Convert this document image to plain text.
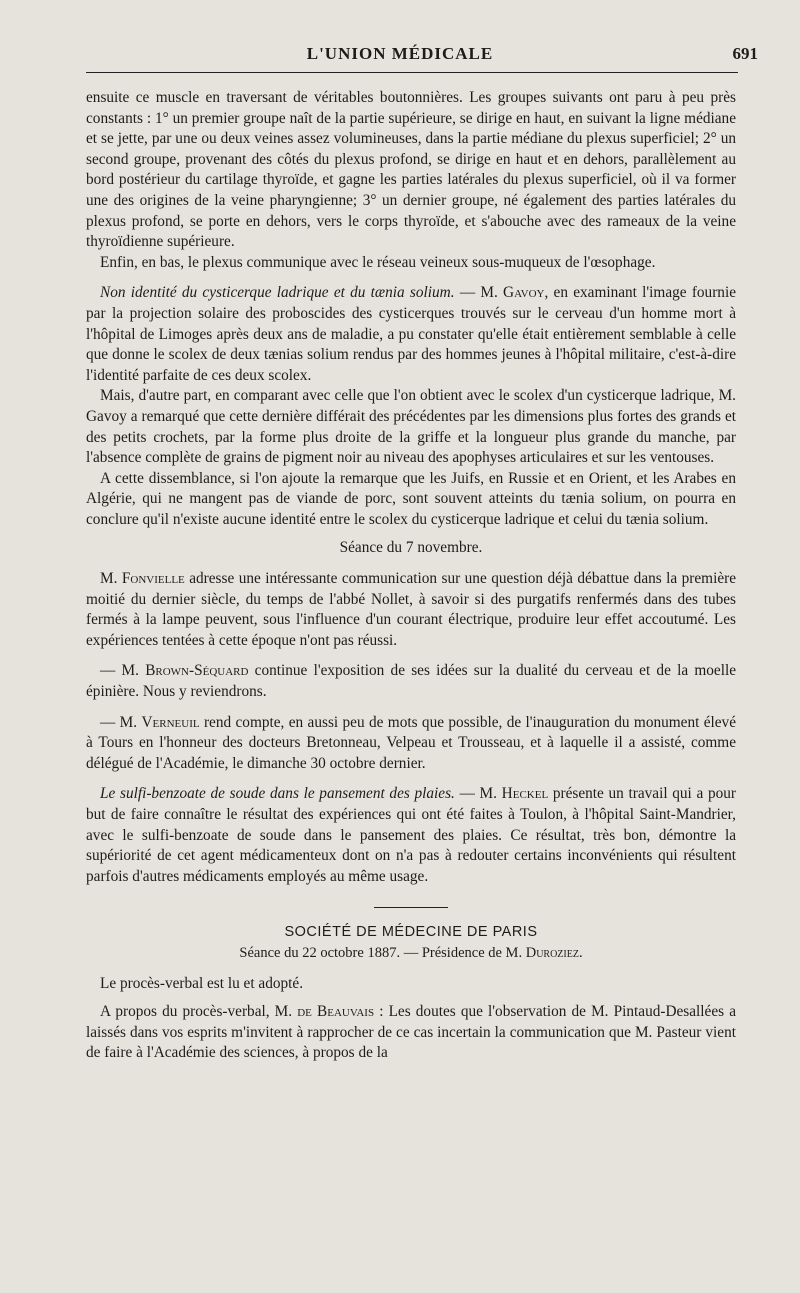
L'UNION MÉDICALE	691

ensuite ce muscle en traversant de véritables boutonnières. Les groupes suivants ont paru à peu près constants : 1° un premier groupe naît de la partie supérieure, se dirige en haut, en suivant la ligne médiane et se jette, par une ou deux veines assez volumineuses, dans la partie médiane du plexus superficiel; 2° un second groupe, provenant des côtés du plexus profond, se dirige en haut et en dehors, parallèlement au bord postérieur du cartilage thyroïde, et gagne les parties latérales du plexus superficiel, où il va former une des origines de la veine pharyngienne; 3° un dernier groupe, né également des parties latérales du plexus profond, se porte en dehors, vers le corps thyroïde, et s'abouche avec des rameaux de la veine thyroïdienne supérieure.

Enfin, en bas, le plexus communique avec le réseau veineux sous-muqueux de l'œsophage.

Non identité du cysticerque ladrique et du tænia solium. — M. Gavoy, en examinant l'image fournie par la projection solaire des proboscides des cysticerques trouvés sur le cerveau d'un homme mort à l'hôpital de Limoges après deux ans de maladie, a pu constater qu'elle était entièrement semblable à celle que donne le scolex de deux tænias solium rendus par des hommes jeunes à l'hôpital militaire, c'est-à-dire l'identité parfaite de ces deux scolex.

Mais, d'autre part, en comparant avec celle que l'on obtient avec le scolex d'un cysticerque ladrique, M. Gavoy a remarqué que cette dernière différait des précédentes par les dimensions plus fortes des grands et des petits crochets, par la forme plus droite de la griffe et la longueur plus grande du manche, par l'absence complète de grains de pigment noir au niveau des apophyses articulaires et sur les ventouses.

A cette dissemblance, si l'on ajoute la remarque que les Juifs, en Russie et en Orient, et les Arabes en Algérie, qui ne mangent pas de viande de porc, sont souvent atteints du tænia solium, on pourra en conclure qu'il n'existe aucune identité entre le scolex du cysticerque ladrique et celui du tænia solium.

Séance du 7 novembre.

M. Fonvielle adresse une intéressante communication sur une question déjà débattue dans la première moitié du dernier siècle, du temps de l'abbé Nollet, à savoir si des purgatifs renfermés dans des tubes fermés à la lampe peuvent, sous l'influence d'un courant électrique, produire leur effet accoutumé. Les expériences tentées à cette époque n'ont pas réussi.

— M. Brown-Séquard continue l'exposition de ses idées sur la dualité du cerveau et de la moelle épinière. Nous y reviendrons.

— M. Verneuil rend compte, en aussi peu de mots que possible, de l'inauguration du monument élevé à Tours en l'honneur des docteurs Bretonneau, Velpeau et Trousseau, et à laquelle il a assisté, comme délégué de l'Académie, le dimanche 30 octobre dernier.

Le sulfi-benzoate de soude dans le pansement des plaies. — M. Heckel présente un travail qui a pour but de faire connaître le résultat des expériences qui ont été faites à Toulon, à l'hôpital Saint-Mandrier, avec le sulfi-benzoate de soude dans le pansement des plaies. Ce résultat, très bon, démontre la supériorité de cet agent médicamenteux dont on n'a pas à redouter certains inconvénients qui résultent parfois d'autres médicaments employés au même usage.

SOCIÉTÉ DE MÉDECINE DE PARIS

Séance du 22 octobre 1887. — Présidence de M. Duroziez.

Le procès-verbal est lu et adopté.

A propos du procès-verbal, M. de Beauvais : Les doutes que l'observation de M. Pintaud-Desallées a laissés dans vos esprits m'invitent à rapprocher de ce cas incertain la communication que M. Pasteur vient de faire à l'Académie des sciences, à propos de la
